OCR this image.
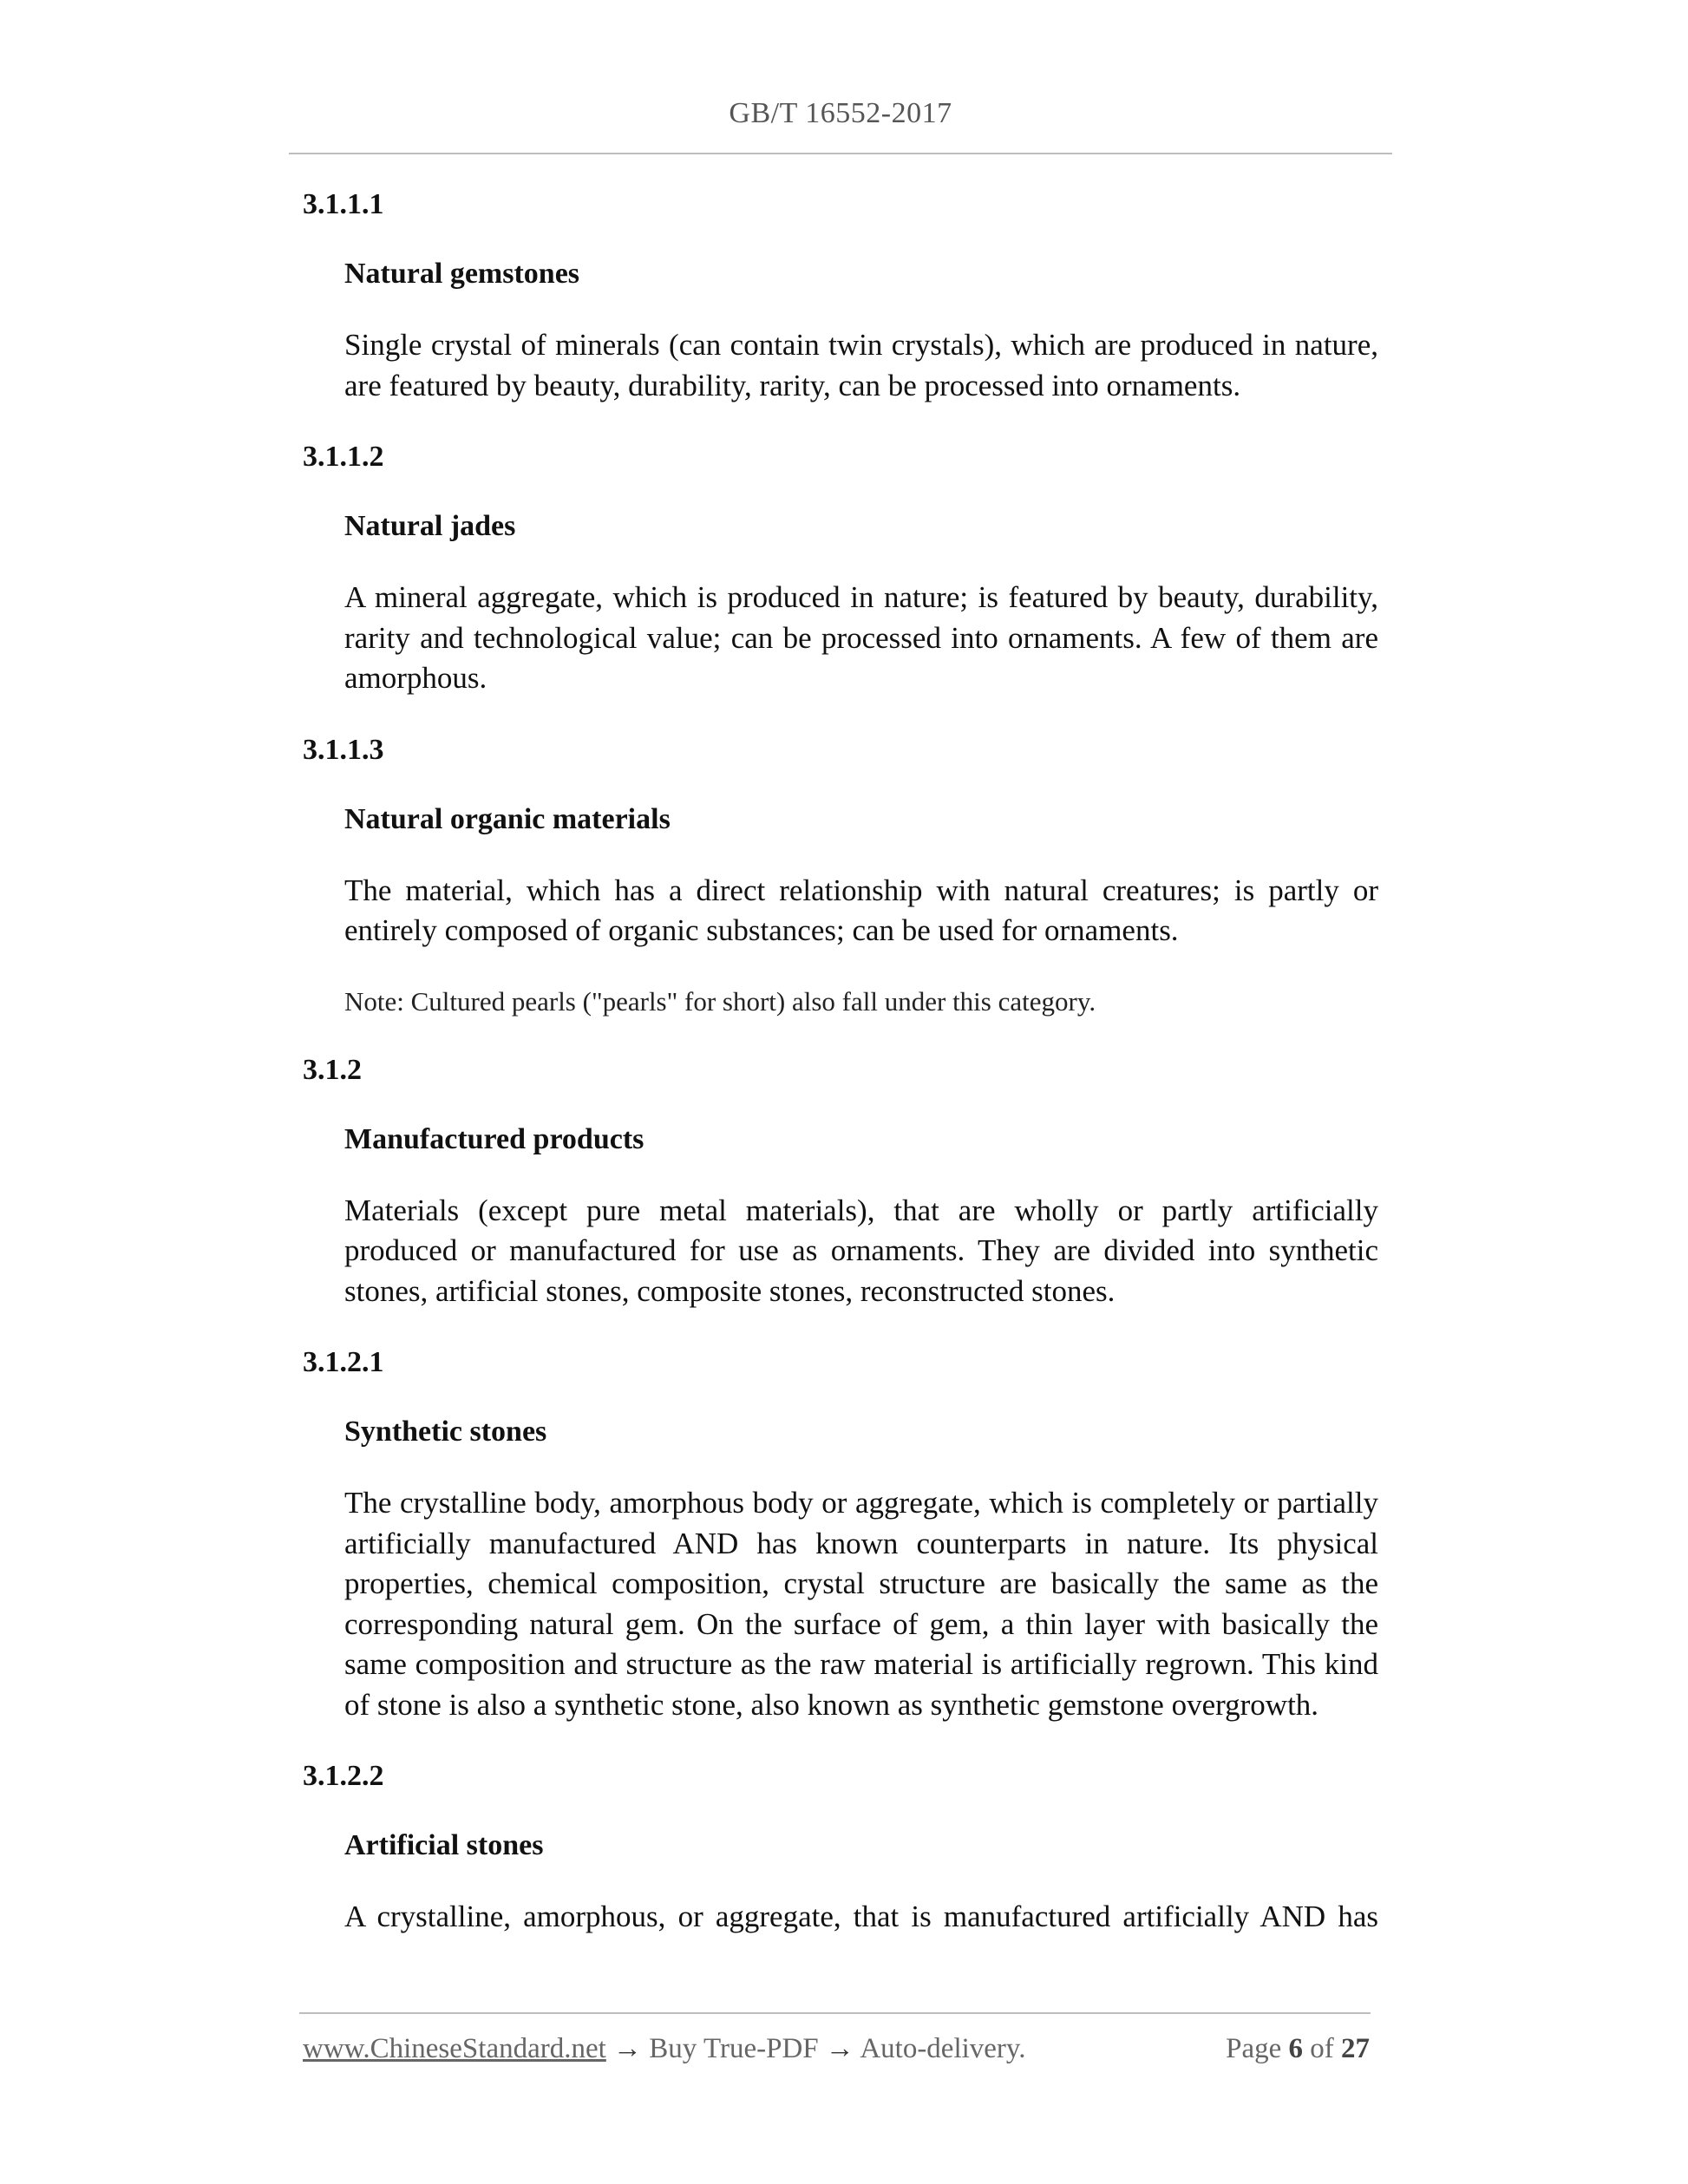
GB/T 16552-2017
3.1.1.1
Natural gemstones

Single crystal of minerals (can contain twin crystals), which are produced in nature, are featured by beauty, durability, rarity, can be processed into ornaments.

3.1.1.2
Natural jades

A mineral aggregate, which is produced in nature; is featured by beauty, durability, rarity and technological value; can be processed into ornaments. A few of them are amorphous.

3.1.1.3
Natural organic materials

The material, which has a direct relationship with natural creatures; is partly or entirely composed of organic substances; can be used for ornaments.

Note: Cultured pearls ("pearls" for short) also fall under this category.

3.1.2
Manufactured products

Materials (except pure metal materials), that are wholly or partly artificially produced or manufactured for use as ornaments. They are divided into synthetic stones, artificial stones, composite stones, reconstructed stones.

3.1.2.1
Synthetic stones

The crystalline body, amorphous body or aggregate, which is completely or partially artificially manufactured AND has known counterparts in nature. Its physical properties, chemical composition, crystal structure are basically the same as the corresponding natural gem. On the surface of gem, a thin layer with basically the same composition and structure as the raw material is artificially regrown. This kind of stone is also a synthetic stone, also known as synthetic gemstone overgrowth.

3.1.2.2
Artificial stones

A crystalline, amorphous, or aggregate, that is manufactured artificially AND has

www.ChineseStandard.net → Buy True-PDF → Auto-delivery.	Page 6 of 27
